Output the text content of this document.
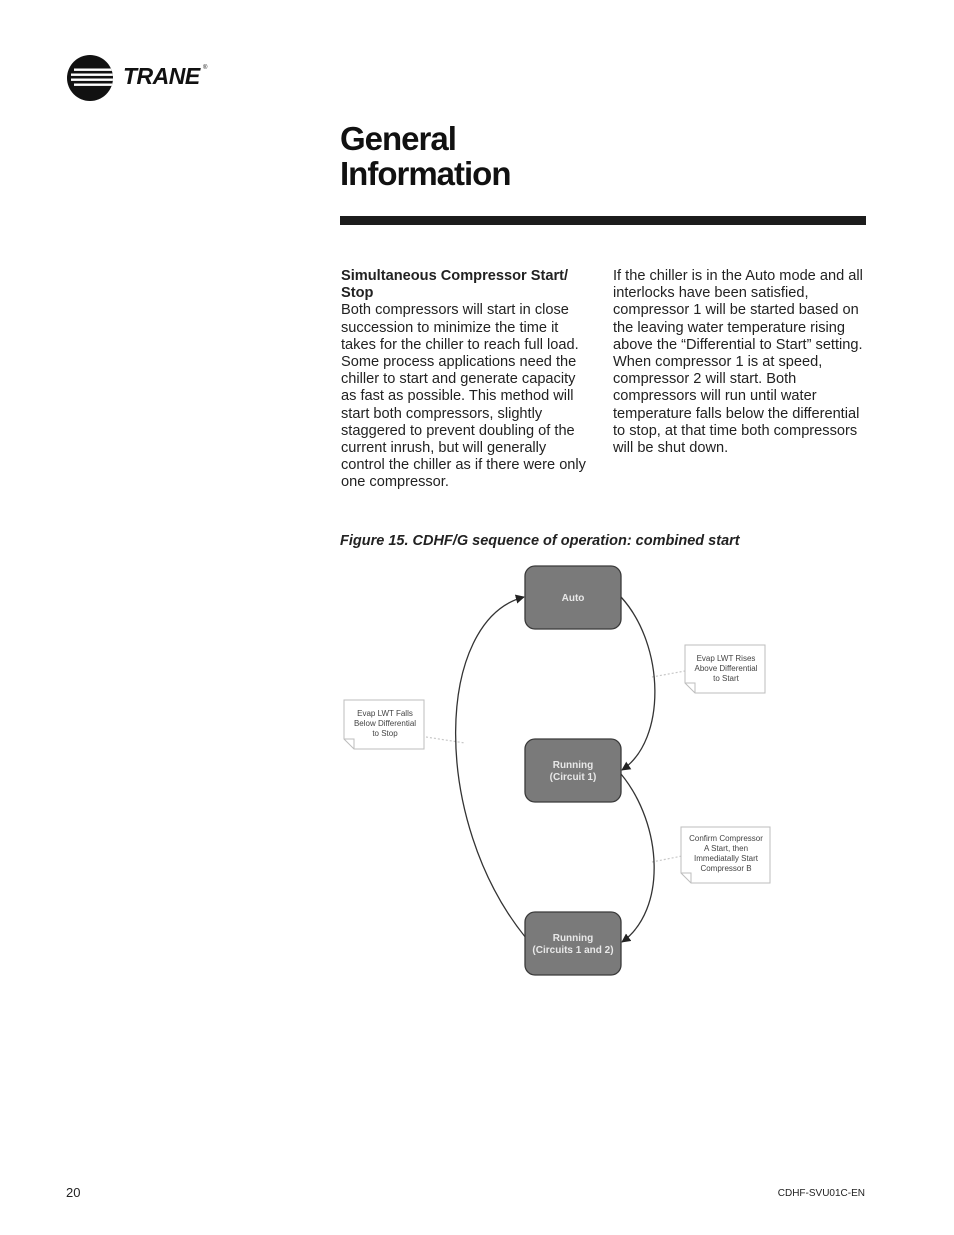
TRANE ®
General
Information

Simultaneous Compressor Start/ Stop
Both compressors will start in close succession to minimize the time it takes for the chiller to reach full load. Some process applications need the chiller to start and generate capacity as fast as possible. This method will start both compressors, slightly staggered to prevent doubling of the current inrush, but will generally control the chiller as if there were only one compressor.

If the chiller is in the Auto mode and all interlocks have been satisfied, compressor 1 will be started based on the leaving water temperature rising above the “Differential to Start” setting. When compressor 1 is at speed, compressor 2 will start. Both compressors will run until water temperature falls below the differential to stop, at that time both compressors will be shut down.

Figure 15. CDHF/G sequence of operation: combined start

Auto
Running
(Circuit 1)
Running
(Circuits 1 and 2)
Evap LWT Rises
Above Differential
to Start
Evap LWT Falls
Below Differential
to Stop
Confirm Compressor
A Start, then
Immediatally Start
Compressor B
20	CDHF-SVU01C-EN
